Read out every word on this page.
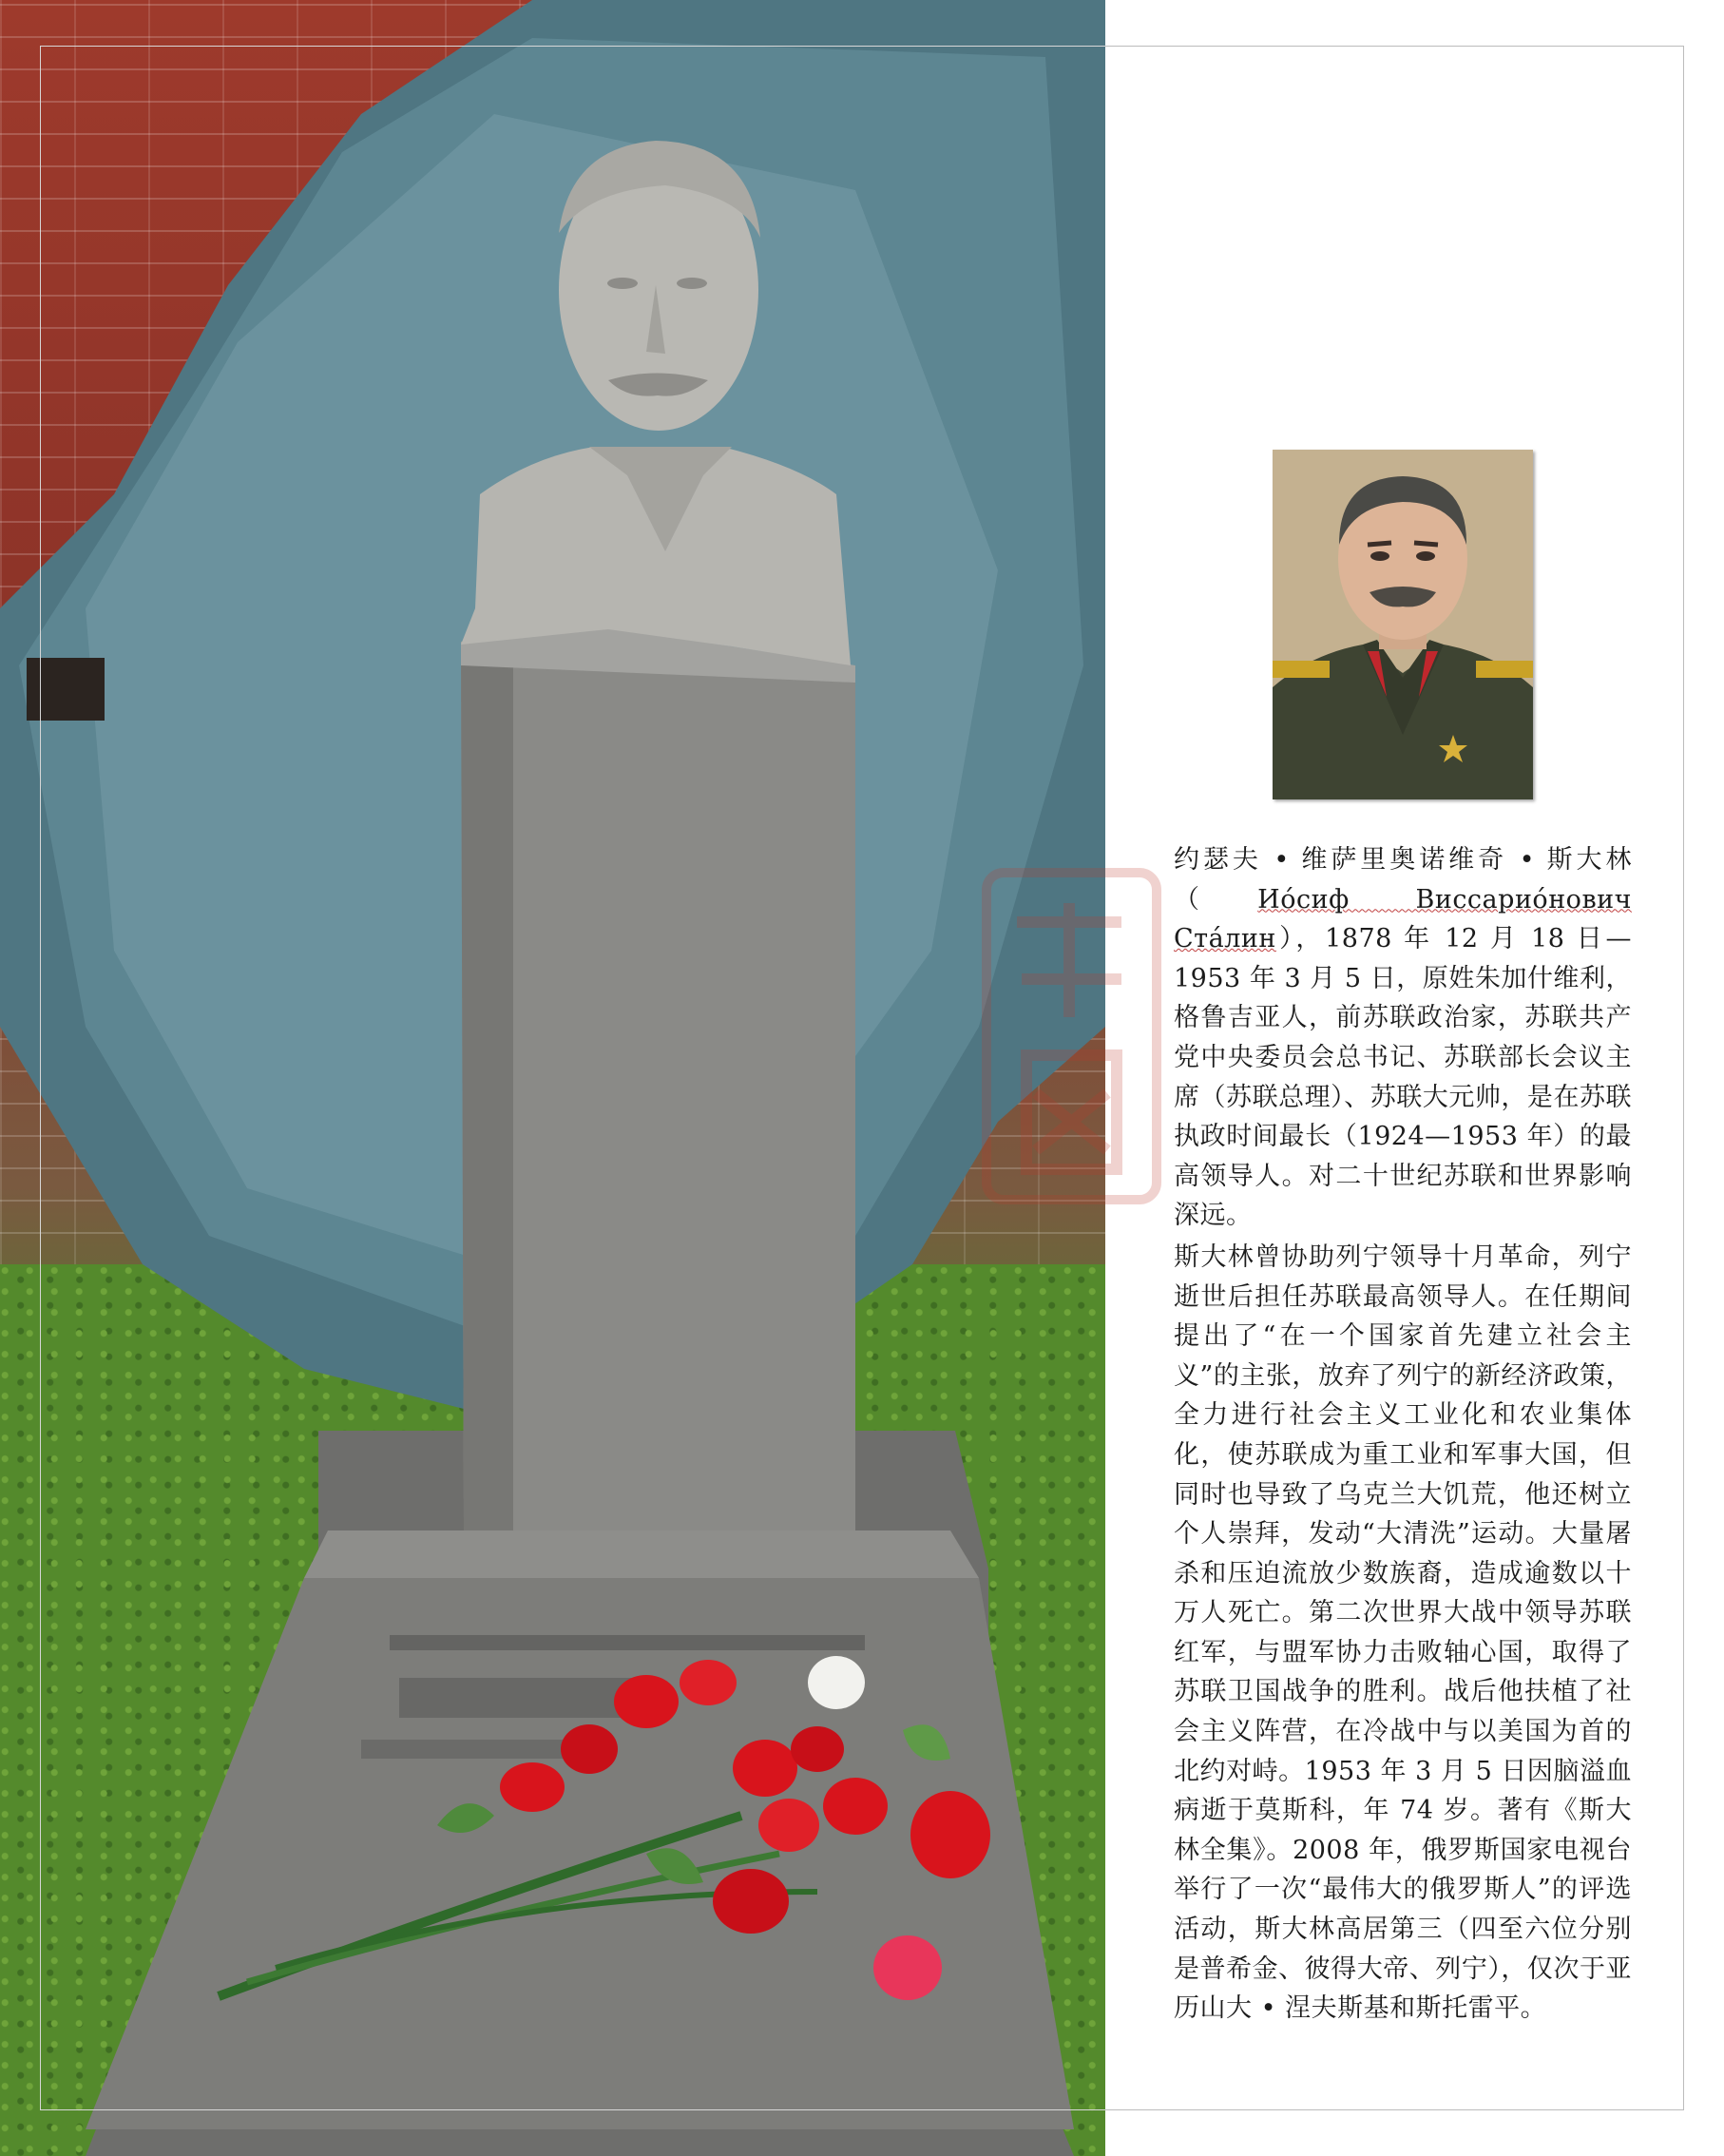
约瑟夫 • 维萨里奥诺维奇 • 斯大林（Ио́сиф Виссарио́нович Ста́лин），1878 年 12 月 18 日—1953 年 3 月 5 日，原姓朱加什维利，格鲁吉亚人，前苏联政治家，苏联共产党中央委员会总书记、苏联部长会议主席（苏联总理）、苏联大元帅，是在苏联执政时间最长（1924—1953 年）的最高领导人。对二十世纪苏联和世界影响深远。

斯大林曾协助列宁领导十月革命，列宁逝世后担任苏联最高领导人。在任期间提出了“在一个国家首先建立社会主义”的主张，放弃了列宁的新经济政策，全力进行社会主义工业化和农业集体化，使苏联成为重工业和军事大国，但同时也导致了乌克兰大饥荒，他还树立个人崇拜，发动“大清洗”运动。大量屠杀和压迫流放少数族裔，造成逾数以十万人死亡。第二次世界大战中领导苏联红军，与盟军协力击败轴心国，取得了苏联卫国战争的胜利。战后他扶植了社会主义阵营，在冷战中与以美国为首的北约对峙。1953 年 3 月 5 日因脑溢血病逝于莫斯科，年 74 岁。著有《斯大林全集》。2008 年，俄罗斯国家电视台举行了一次“最伟大的俄罗斯人”的评选活动，斯大林高居第三（四至六位分别是普希金、彼得大帝、列宁），仅次于亚历山大 • 涅夫斯基和斯托雷平。
